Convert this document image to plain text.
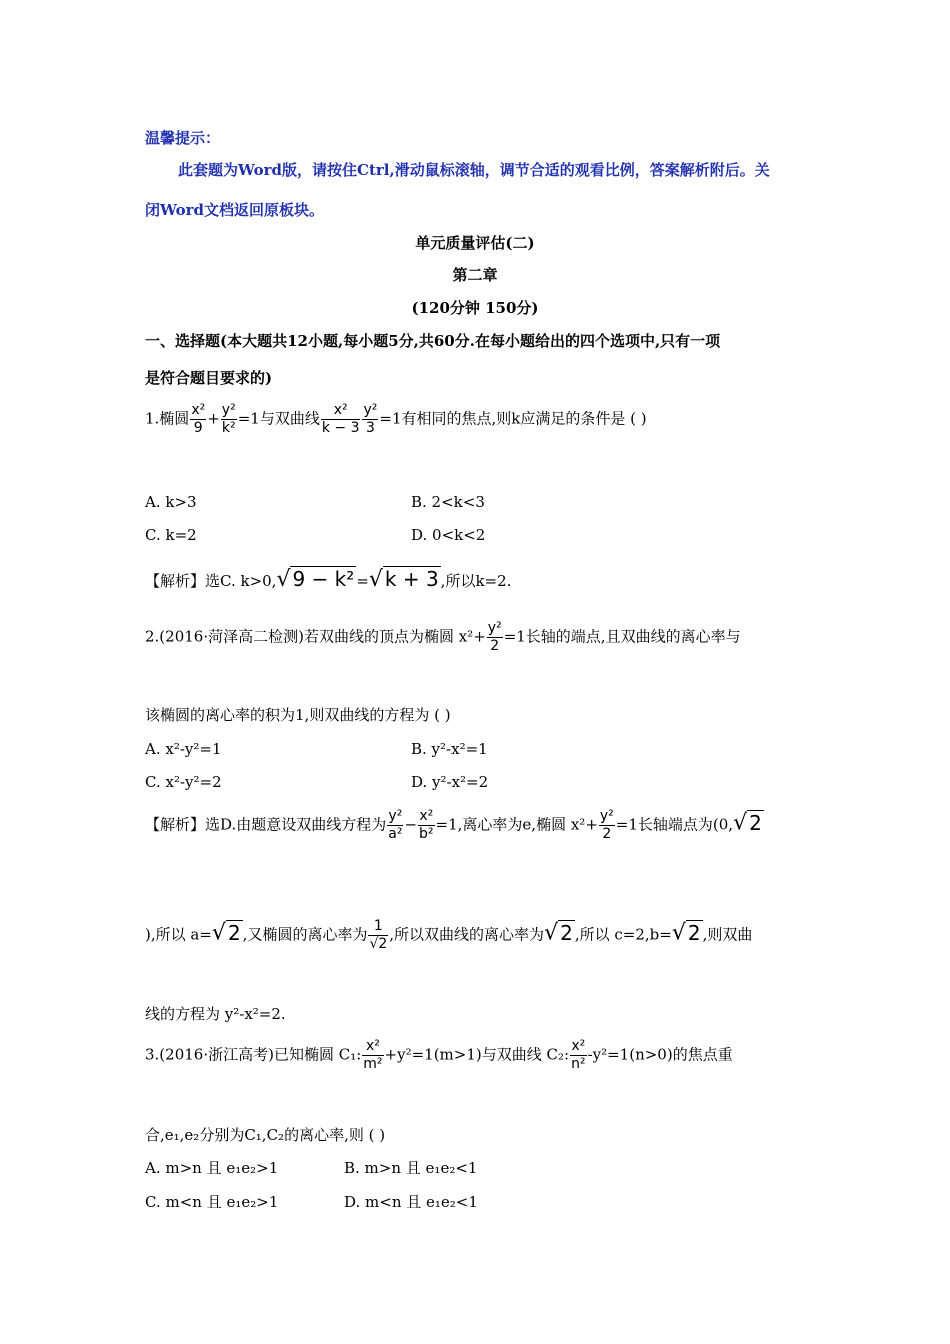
温馨提示：
此套题为Word版，请按住Ctrl,滑动鼠标滚轴，调节合适的观看比例，答案解析附后。关
闭Word文档返回原板块。
单元质量评估(二)
第二章
(120分钟 150分)
一、选择题(本大题共12小题,每小题5分,共60分.在每小题给出的四个选项中,只有一项
是符合题目要求的)
1.椭圆 $\frac{\text{x²}}{9} + \frac{\text{y²}}{\text{k²}} =1$与双曲线 $\frac{\text{x²}}{k - 3} \frac{\text{y²}}{3} =1$有相同的焦点,则k应满足的条件是 ( )
A. k>3	B. 2<k<3
C. k=2	D. 0<k<2
【解析】选C. k>0,√ 9 − k² =√ k + 3 ,所以k=2.
2.(2016·菏泽高二检测)若双曲线的顶点为椭圆 $x^2+ \frac{\text{y²}}{2} =1$长轴的端点,且双曲线的离心率与
该椭圆的离心率的积为1,则双曲线的方程为 ( )
A. x²-y²=1	B. y²-x²=1
C. x²-y²=2	D. y²-x²=2
【解析】选D.由题意设双曲线方程为 $\frac{\text{y²}}{\text{a²}} - \frac{\text{x²}}{\text{b²}} =1$,离心率为e,椭圆 $x^2+ \frac{\text{y²}}{2} =1$长轴端点为(0,√ 2
),所以 a=√ 2 ,又椭圆的离心率为 $\frac{1}{√2}$ ,所以双曲线的离心率为√ 2 ,所以 c=2,b=√ 2 ,则双曲
线的方程为 y²-x²=2.
3.(2016·浙江高考)已知椭圆 C₁: $\frac{\text{x²}}{\text{m²}} +y^2=1(m>1)$与双曲线 C₂: $\frac{\text{x²}}{\text{n²}} -y^2=1(n>0)$的焦点重
合,e₁,e₂分别为C₁,C₂的离心率,则 ( )
A. m>n 且 e₁e₂>1	B. m>n 且 e₁e₂<1
C. m<n 且 e₁e₂>1	D. m<n 且 e₁e₂<1
